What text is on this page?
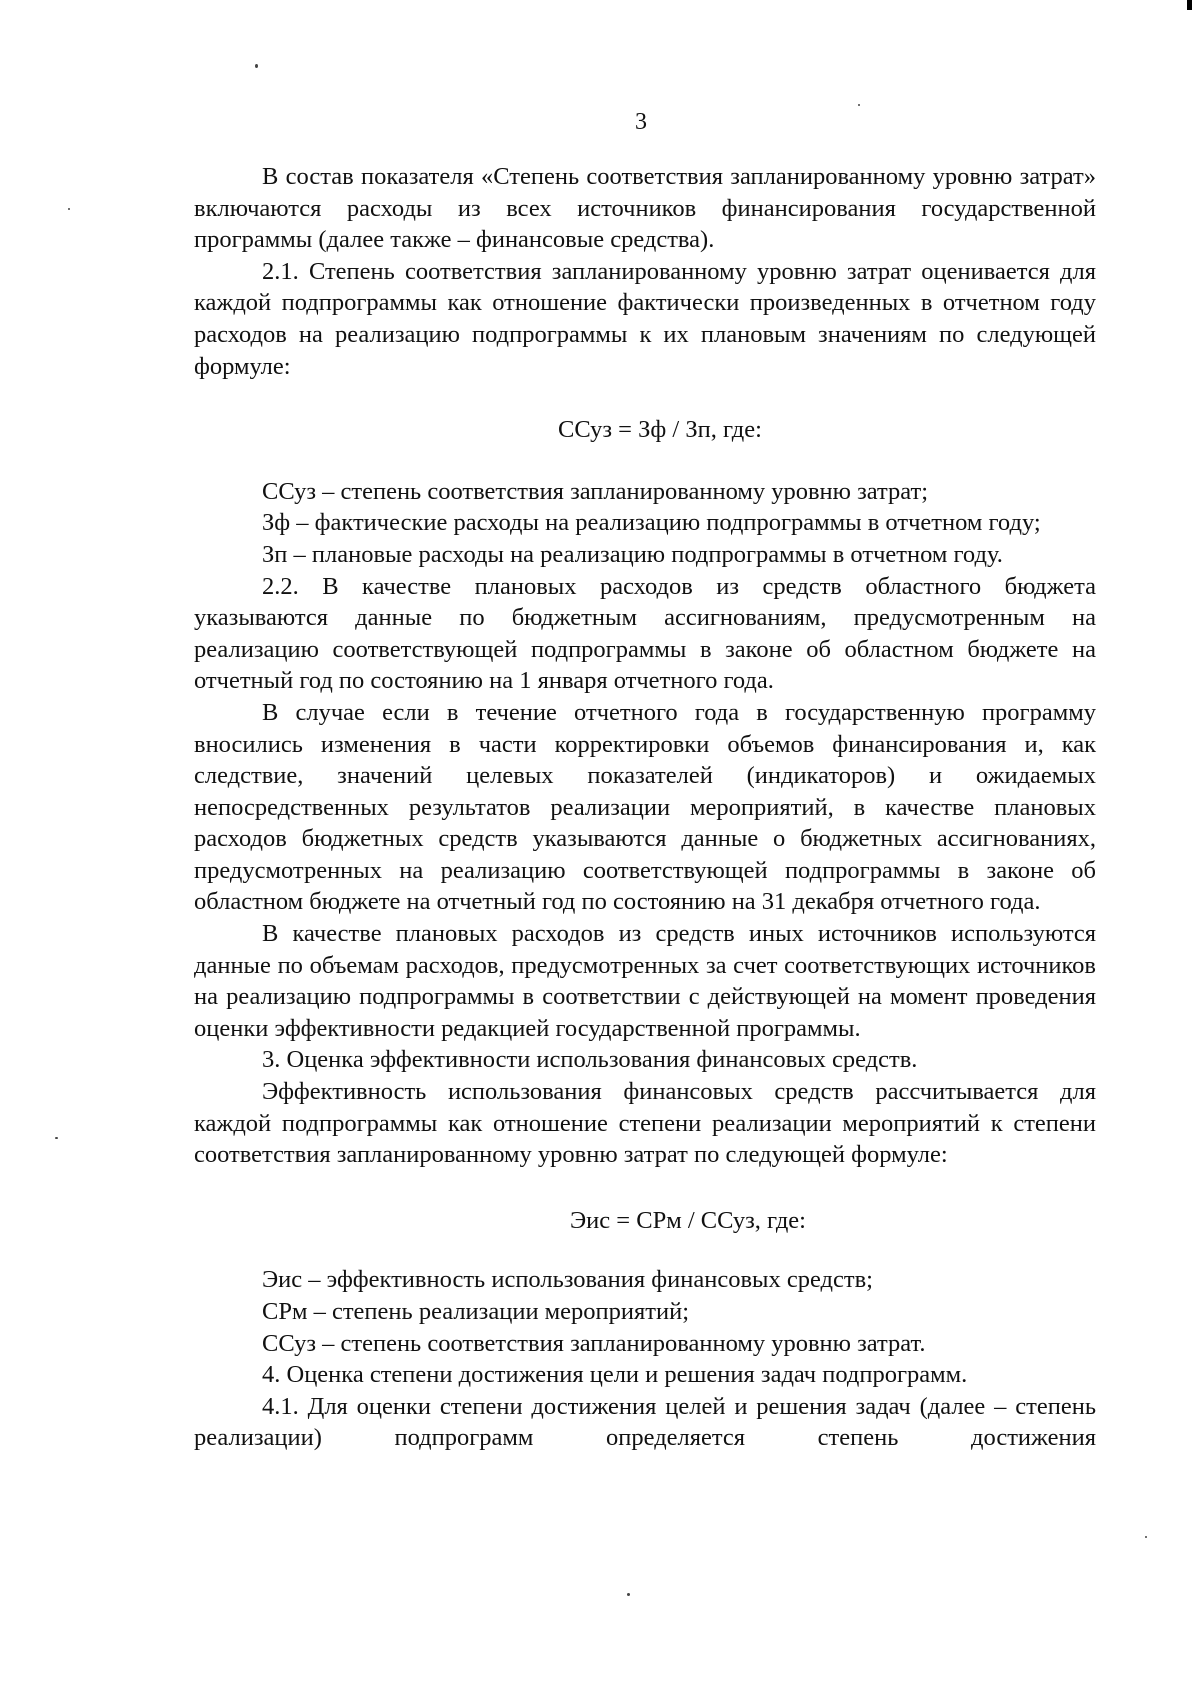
3

В состав показателя «Степень соответствия запланированному уровню затрат» включаются расходы из всех источников финансирования государственной программы (далее также – финансовые средства).

2.1. Степень соответствия запланированному уровню затрат оценивается для каждой подпрограммы как отношение фактически произведенных в отчетном году расходов на реализацию подпрограммы к их плановым значениям по следующей формуле:

ССуз = Зф / Зп, где:

ССуз – степень соответствия запланированному уровню затрат;

Зф – фактические расходы на реализацию подпрограммы в отчетном году;

Зп – плановые расходы на реализацию подпрограммы в отчетном году.

2.2. В качестве плановых расходов из средств областного бюджета указываются данные по бюджетным ассигнованиям, предусмотренным на реализацию соответствующей подпрограммы в законе об областном бюджете на отчетный год по состоянию на 1 января отчетного года.

В случае если в течение отчетного года в государственную программу вносились изменения в части корректировки объемов финансирования и, как следствие, значений целевых показателей (индикаторов) и ожидаемых непосредственных результатов реализации мероприятий, в качестве плановых расходов бюджетных средств указываются данные о бюджетных ассигнованиях, предусмотренных на реализацию соответствующей подпрограммы в законе об областном бюджете на отчетный год по состоянию на 31 декабря отчетного года.

В качестве плановых расходов из средств иных источников используются данные по объемам расходов, предусмотренных за счет соответствующих источников на реализацию подпрограммы в соответствии с действующей на момент проведения оценки эффективности редакцией государственной программы.

3. Оценка эффективности использования финансовых средств.

Эффективность использования финансовых средств рассчитывается для каждой подпрограммы как отношение степени реализации мероприятий к степени соответствия запланированному уровню затрат по следующей формуле:

Эис = СРм / ССуз, где:

Эис – эффективность использования финансовых средств;

СРм – степень реализации мероприятий;

ССуз – степень соответствия запланированному уровню затрат.

4. Оценка степени достижения цели и решения задач подпрограмм.

4.1. Для оценки степени достижения целей и решения задач (далее – степень реализации) подпрограмм определяется степень достижения
